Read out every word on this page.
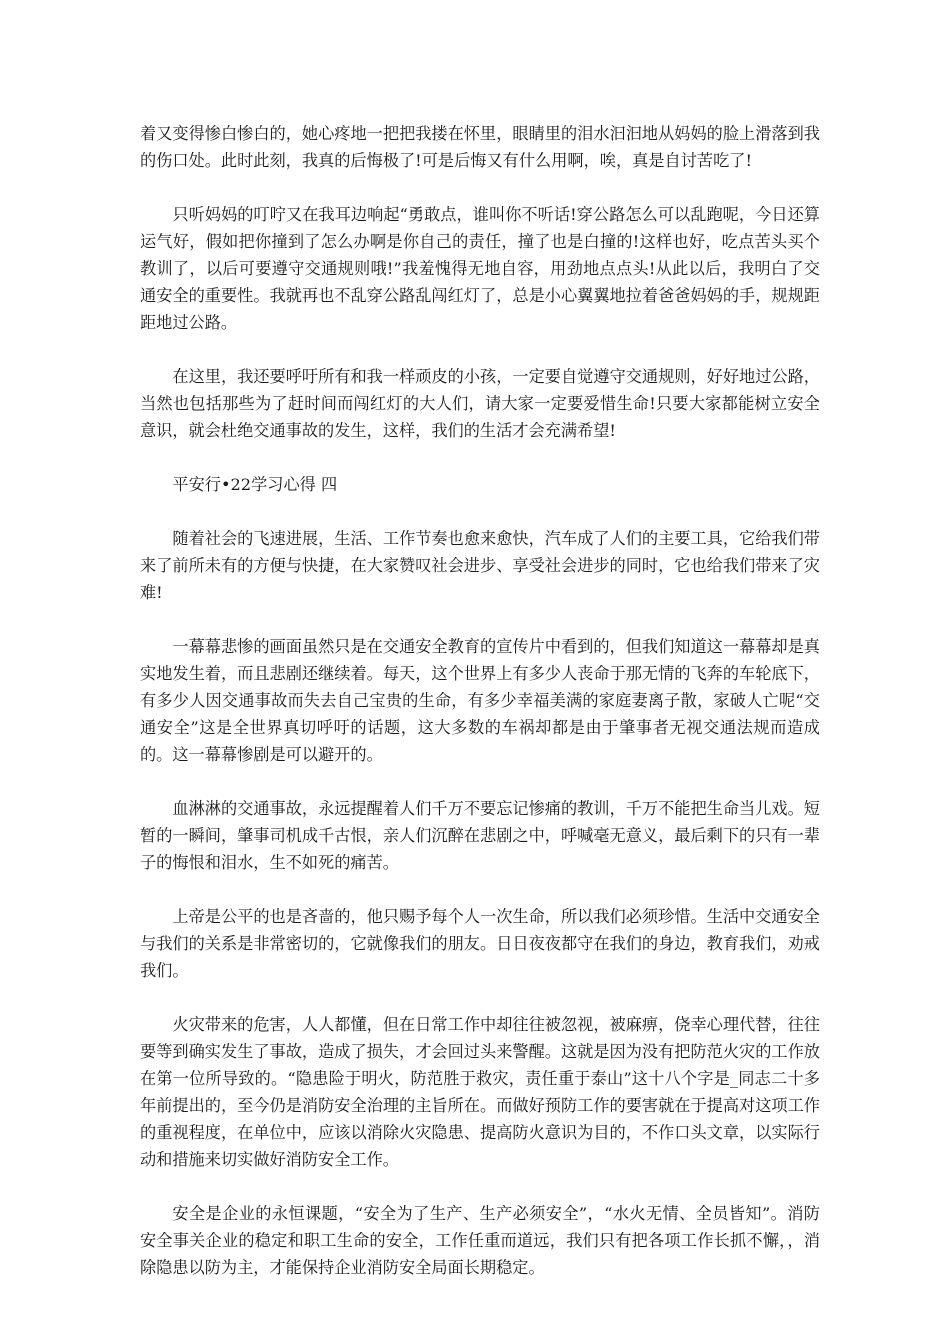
着又变得惨白惨白的，她心疼地一把把我搂在怀里，眼睛里的泪水汩汩地从妈妈的脸上滑落到我的伤口处。此时此刻，我真的后悔极了!可是后悔又有什么用啊，唉，真是自讨苦吃了!

只听妈妈的叮咛又在我耳边响起“勇敢点，谁叫你不听话!穿公路怎么可以乱跑呢，今日还算运气好，假如把你撞到了怎么办啊是你自己的责任，撞了也是白撞的!这样也好，吃点苦头买个教训了，以后可要遵守交通规则哦!”我羞愧得无地自容，用劲地点点头!从此以后，我明白了交通安全的重要性。我就再也不乱穿公路乱闯红灯了，总是小心翼翼地拉着爸爸妈妈的手，规规距距地过公路。

在这里，我还要呼吁所有和我一样顽皮的小孩，一定要自觉遵守交通规则，好好地过公路，当然也包括那些为了赶时间而闯红灯的大人们，请大家一定要爱惜生命!只要大家都能树立安全意识，就会杜绝交通事故的发生，这样，我们的生活才会充满希望!

平安行•22学习心得 四

随着社会的飞速进展，生活、工作节奏也愈来愈快，汽车成了人们的主要工具，它给我们带来了前所未有的方便与快捷，在大家赞叹社会进步、享受社会进步的同时，它也给我们带来了灾难!

一幕幕悲惨的画面虽然只是在交通安全教育的宣传片中看到的，但我们知道这一幕幕却是真实地发生着，而且悲剧还继续着。每天，这个世界上有多少人丧命于那无情的飞奔的车轮底下，有多少人因交通事故而失去自己宝贵的生命，有多少幸福美满的家庭妻离子散，家破人亡呢“交通安全”这是全世界真切呼吁的话题，这大多数的车祸却都是由于肇事者无视交通法规而造成的。这一幕幕惨剧是可以避开的。

血淋淋的交通事故，永远提醒着人们千万不要忘记惨痛的教训，千万不能把生命当儿戏。短暂的一瞬间，肇事司机成千古恨，亲人们沉醉在悲剧之中，呼喊毫无意义，最后剩下的只有一辈子的悔恨和泪水，生不如死的痛苦。

上帝是公平的也是吝啬的，他只赐予每个人一次生命，所以我们必须珍惜。生活中交通安全与我们的关系是非常密切的，它就像我们的朋友。日日夜夜都守在我们的身边，教育我们，劝戒我们。

火灾带来的危害，人人都懂，但在日常工作中却往往被忽视，被麻痹，侥幸心理代替，往往要等到确实发生了事故，造成了损失，才会回过头来警醒。这就是因为没有把防范火灾的工作放在第一位所导致的。“隐患险于明火，防范胜于救灾，责任重于泰山”这十八个字是_同志二十多年前提出的，至今仍是消防安全治理的主旨所在。而做好预防工作的要害就在于提高对这项工作的重视程度，在单位中，应该以消除火灾隐患、提高防火意识为目的，不作口头文章，以实际行动和措施来切实做好消防安全工作。

安全是企业的永恒课题，“安全为了生产、生产必须安全”，“水火无情、全员皆知”。消防安全事关企业的稳定和职工生命的安全，工作任重而道远，我们只有把各项工作长抓不懈，，消除隐患以防为主，才能保持企业消防安全局面长期稳定。
